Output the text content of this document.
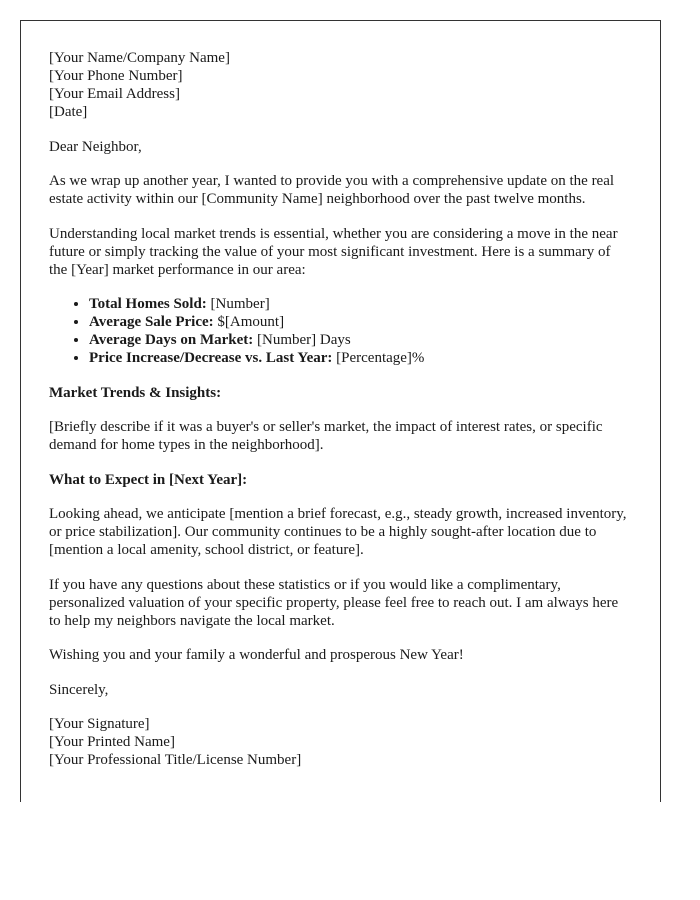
[Your Name/Company Name]
[Your Phone Number]
[Your Email Address]
[Date]

Dear Neighbor,

As we wrap up another year, I wanted to provide you with a comprehensive update on the real estate activity within our [Community Name] neighborhood over the past twelve months.

Understanding local market trends is essential, whether you are considering a move in the near future or simply tracking the value of your most significant investment. Here is a summary of the [Year] market performance in our area:

• Total Homes Sold: [Number]
• Average Sale Price: $[Amount]
• Average Days on Market: [Number] Days
• Price Increase/Decrease vs. Last Year: [Percentage]%

Market Trends & Insights:

[Briefly describe if it was a buyer's or seller's market, the impact of interest rates, or specific demand for home types in the neighborhood].

What to Expect in [Next Year]:

Looking ahead, we anticipate [mention a brief forecast, e.g., steady growth, increased inventory, or price stabilization]. Our community continues to be a highly sought-after location due to [mention a local amenity, school district, or feature].

If you have any questions about these statistics or if you would like a complimentary, personalized valuation of your specific property, please feel free to reach out. I am always here to help my neighbors navigate the local market.

Wishing you and your family a wonderful and prosperous New Year!

Sincerely,

[Your Signature]
[Your Printed Name]
[Your Professional Title/License Number]
